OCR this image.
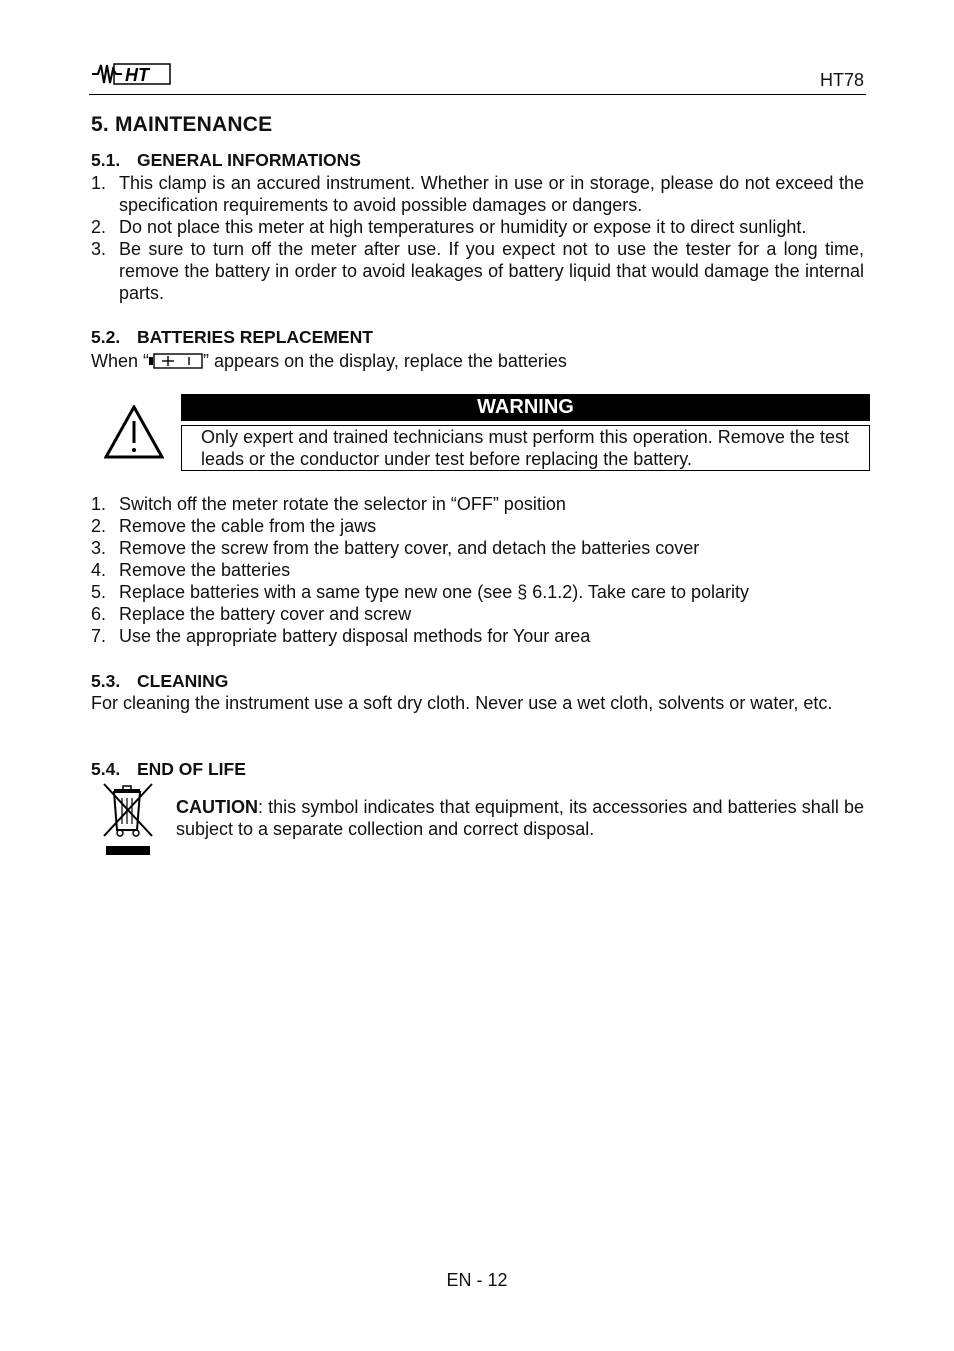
HT	HT78
5. MAINTENANCE
5.1. GENERAL INFORMATIONS
1. This clamp is an accured instrument. Whether in use or in storage, please do not exceed the specification requirements to avoid possible damages or dangers.
2. Do not place this meter at high temperatures or humidity or expose it to direct sunlight.
3. Be sure to turn off the meter after use. If you expect not to use the tester for a long time, remove the battery in order to avoid leakages of battery liquid that would damage the internal parts.
5.2. BATTERIES REPLACEMENT
When “	” appears on the display, replace the batteries
WARNING
Only expert and trained technicians must perform this operation. Remove the test leads or the conductor under test before replacing the battery.
1. Switch off the meter rotate the selector in “OFF” position
2. Remove the cable from the jaws
3. Remove the screw from the battery cover, and detach the batteries cover
4. Remove the batteries
5. Replace batteries with a same type new one (see § 6.1.2). Take care to polarity
6. Replace the battery cover and screw
7. Use the appropriate battery disposal methods for Your area
5.3. CLEANING
For cleaning the instrument use a soft dry cloth. Never use a wet cloth, solvents or water, etc.
5.4. END OF LIFE
CAUTION: this symbol indicates that equipment, its accessories and batteries shall be subject to a separate collection and correct disposal.
EN - 12
